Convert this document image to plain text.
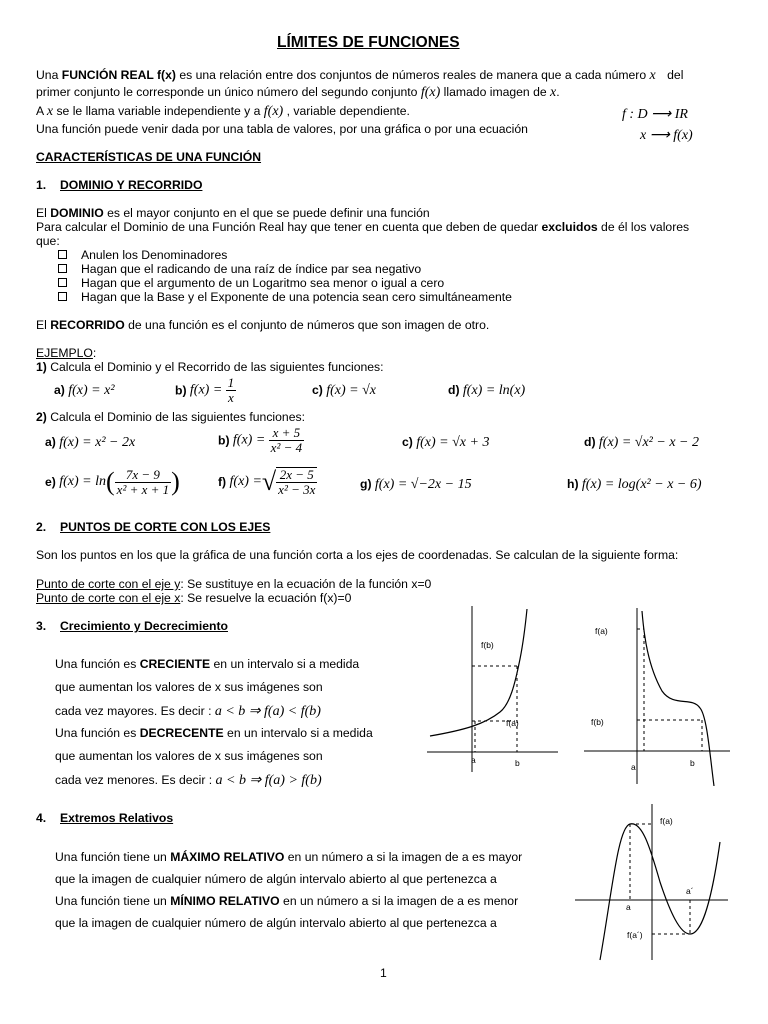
LÍMITES DE FUNCIONES
Una FUNCIÓN REAL f(x) es una relación entre dos conjuntos de números reales de manera que a cada número x del
primer conjunto le corresponde un único número del segundo conjunto f(x) llamado imagen de x.
A x se le llama variable independiente y a f(x) , variable dependiente.
Una función puede venir dada por una tabla de valores, por una gráfica o por una ecuación
f : D ⟶ IR
x ⟶ f(x)
CARACTERÍSTICAS DE UNA FUNCIÓN
1. DOMINIO Y RECORRIDO
El DOMINIO es el mayor conjunto en el que se puede definir una función
Para calcular el Dominio de una Función Real hay que tener en cuenta que deben de quedar excluidos de él los valores
que:
Anulen los Denominadores
Hagan que el radicando de una raíz de índice par sea negativo
Hagan que el argumento de un Logaritmo sea menor o igual a cero
Hagan que la Base y el Exponente de una potencia sean cero simultáneamente
El RECORRIDO de una función es el conjunto de números que son imagen de otro.
EJEMPLO:
1) Calcula el Dominio y el Recorrido de las siguientes funciones:
a) f(x) = x²	b) $f(x) = \frac{1}{x}$	c) f(x) = √x	d) f(x) = ln(x)
2) Calcula el Dominio de las siguientes funciones:
a) f(x) = x² − 2x	b) $f(x) = \frac{x + 5}{\text{x² − 4}}$	c) f(x) = √x + 3	d) f(x) = √x² − x − 2
e) $f(x) = \ln( \frac{7x - 9}{\text{x² + x + 1}}$ )	f) f(x) =√ $\frac{2x - 5}{\text{x² − 3x}}$	g) f(x) = √−2x − 15	h) f(x) = log(x² − x − 6)
2. PUNTOS DE CORTE CON LOS EJES
Son los puntos en los que la gráfica de una función corta a los ejes de coordenadas. Se calculan de la siguiente forma:
Punto de corte con el eje y: Se sustituye en la ecuación de la función x=0
Punto de corte con el eje x: Se resuelve la ecuación f(x)=0
3. Crecimiento y Decrecimiento
Una función es CRECIENTE en un intervalo si a medida
que aumentan los valores de x sus imágenes son
cada vez mayores. Es decir : a < b ⇒ f(a) < f(b)
Una función es DECRECENTE en un intervalo si a medida
que aumentan los valores de x sus imágenes son
cada vez menores. Es decir : a < b ⇒ f(a) > f(b)
f(b)
f(a)
a	b
f(a)
f(b)
a	b
4. Extremos Relativos
Una función tiene un MÁXIMO RELATIVO en un número a si la imagen de a es mayor
que la imagen de cualquier número de algún intervalo abierto al que pertenezca a
Una función tiene un MÍNIMO RELATIVO en un número a si la imagen de a es menor
que la imagen de cualquier número de algún intervalo abierto al que pertenezca a
f(a)
a´
a
f(a´)
1
